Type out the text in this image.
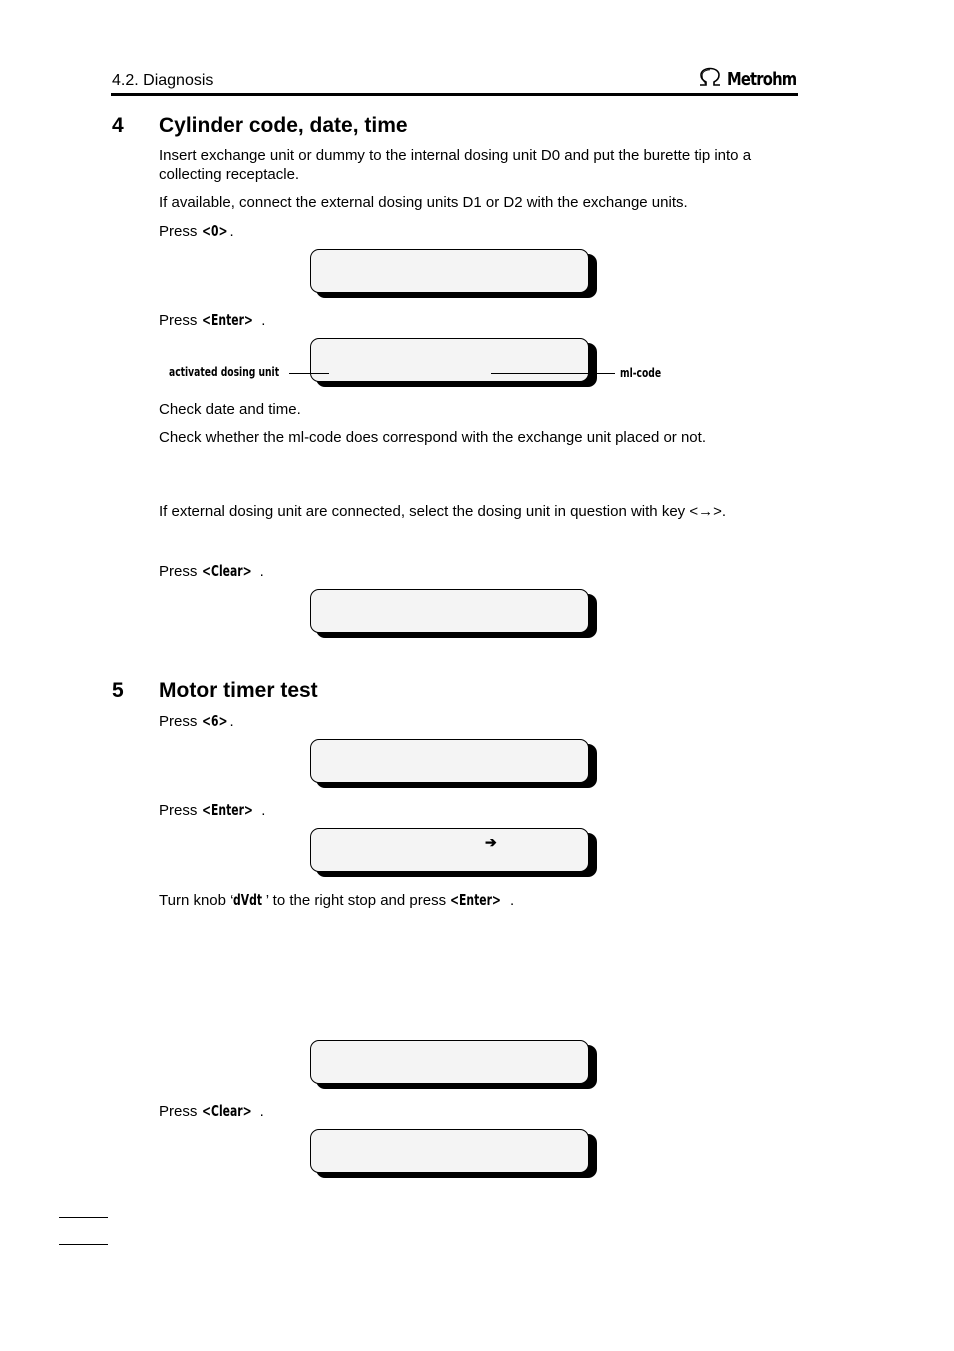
4.2. Diagnosis	Metrohm
4 Cylinder code, date, time
Insert exchange unit or dummy to the internal dosing unit D0 and put the burette tip into a collecting receptacle.
If available, connect the external dosing units D1 or D2 with the exchange units.
Press <0> .
Press <Enter> .
activated dosing unit	ml-code
Check date and time.
Check whether the ml-code does correspond with the exchange unit placed or not.
If external dosing unit are connected, select the dosing unit in question with key <→>.
Press <Clear> .
5 Motor timer test
Press <6> .
Press <Enter> .
➔
Turn knob ‘dVdt ’ to the right stop and press <Enter> .
Press <Clear> .
